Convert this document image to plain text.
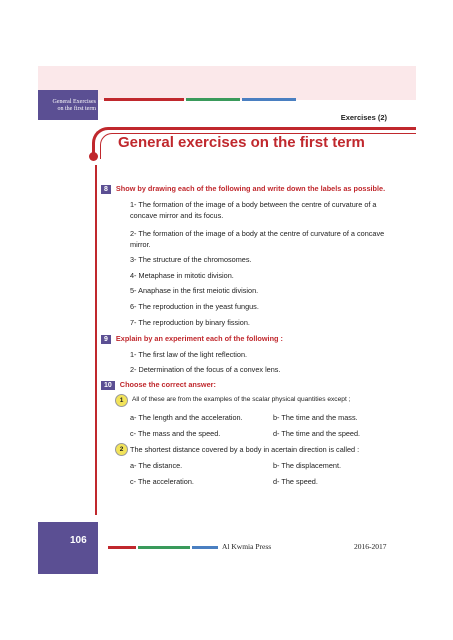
General Exercises
on the first term
Exercises (2)
General exercises on the first term
8 Show by drawing each of the following and write down the labels as possible.
1- The formation of the image of a body between the centre of curvature of a concave mirror and its focus.
2- The formation of the image of a body at the centre of curvature of a concave mirror.
3- The structure of the chromosomes.
4- Metaphase in mitotic division.
5- Anaphase in the first meiotic division.
6- The reproduction in the yeast fungus.
7- The reproduction by binary fission.
9 Explain by an experiment each of the following :
1- The first law of the light reflection.
2- Determination of the focus of a convex lens.
10 Choose the correct answer:
1	All of these are from the examples of the scalar physical quantities except ;
a- The length and the acceleration.	b- The time and the mass.
c- The mass and the speed.	d- The time and the speed.
2 The shortest distance covered by a body in acertain direction is called :
a- The distance.	b- The displacement.
c- The acceleration.	d- The speed.
106
Al Kwmia Press	2016-2017
